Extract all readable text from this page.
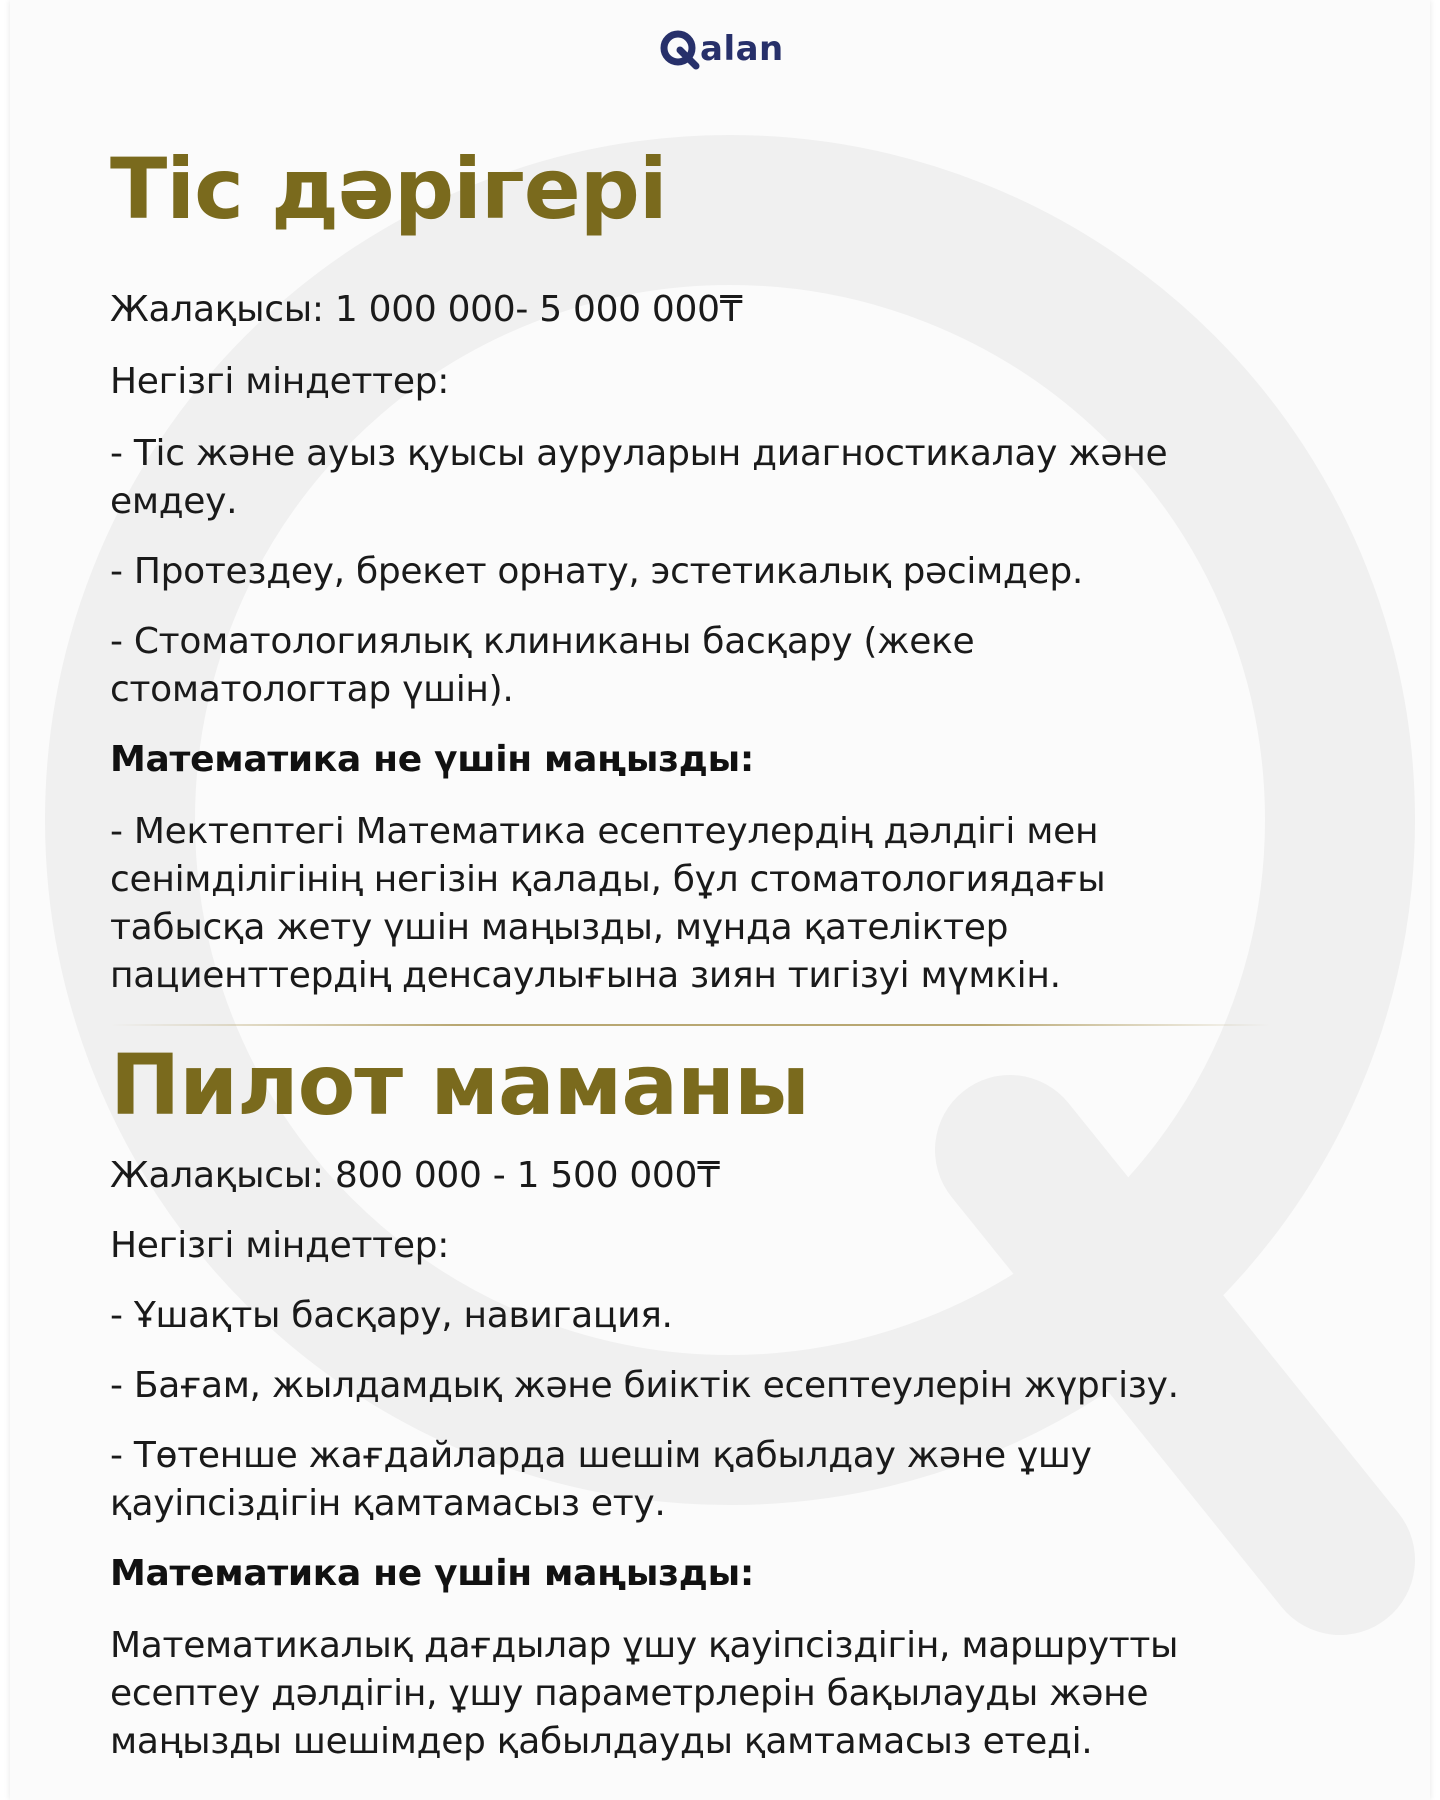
alan
Тіс дәрігері

Жалақысы: 1 000 000- 5 000 000₸

Негізгі міндеттер:

- Тіс және ауыз қуысы ауруларын диагностикалау және емдеу.

- Протездеу, брекет орнату, эстетикалық рәсімдер.

- Стоматологиялық клиниканы басқару (жеке стоматологтар үшін).

Математика не үшін маңызды:

- Мектептегі Математика есептеулердің дәлдігі мен сенімділігінің негізін қалады, бұл стоматологиядағы табысқа жету үшін маңызды, мұнда қателіктер пациенттердің денсаулығына зиян тигізуі мүмкін.

Пилот маманы

Жалақысы: 800 000 - 1 500 000₸

Негізгі міндеттер:

- Ұшақты басқару, навигация.

- Бағам, жылдамдық және биіктік есептеулерін жүргізу.

- Төтенше жағдайларда шешім қабылдау және ұшу қауіпсіздігін қамтамасыз ету.

Математика не үшін маңызды:

Математикалық дағдылар ұшу қауіпсіздігін, маршрутты есептеу дәлдігін, ұшу параметрлерін бақылауды және маңызды шешімдер қабылдауды қамтамасыз етеді.
